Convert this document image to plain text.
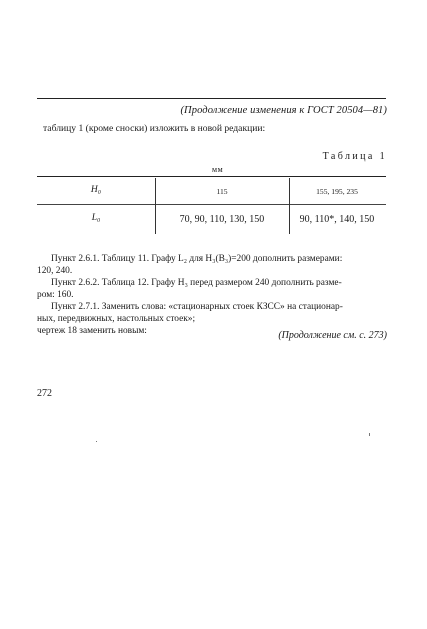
(Продолжение изменения к ГОСТ 20504—81)
таблицу 1 (кроме сноски) изложить в новой редакции:
Таблица 1
мм
H₀	115	155, 195, 235
L₀	70, 90, 110, 130, 150	90, 110*, 140, 150
Пункт 2.6.1. Таблицу 11. Графу L₂ для H₃(B₃)=200 дополнить размерами:
120, 240.
Пункт 2.6.2. Таблица 12. Графу H₃ перед размером 240 дополнить разме-
ром: 160.
Пункт 2.7.1. Заменить слова: «стационарных стоек КЗСС» на стационар-
ных, передвижных, настольных стоек»;
чертеж 18 заменить новым:	(Продолжение см. с. 273)
272
